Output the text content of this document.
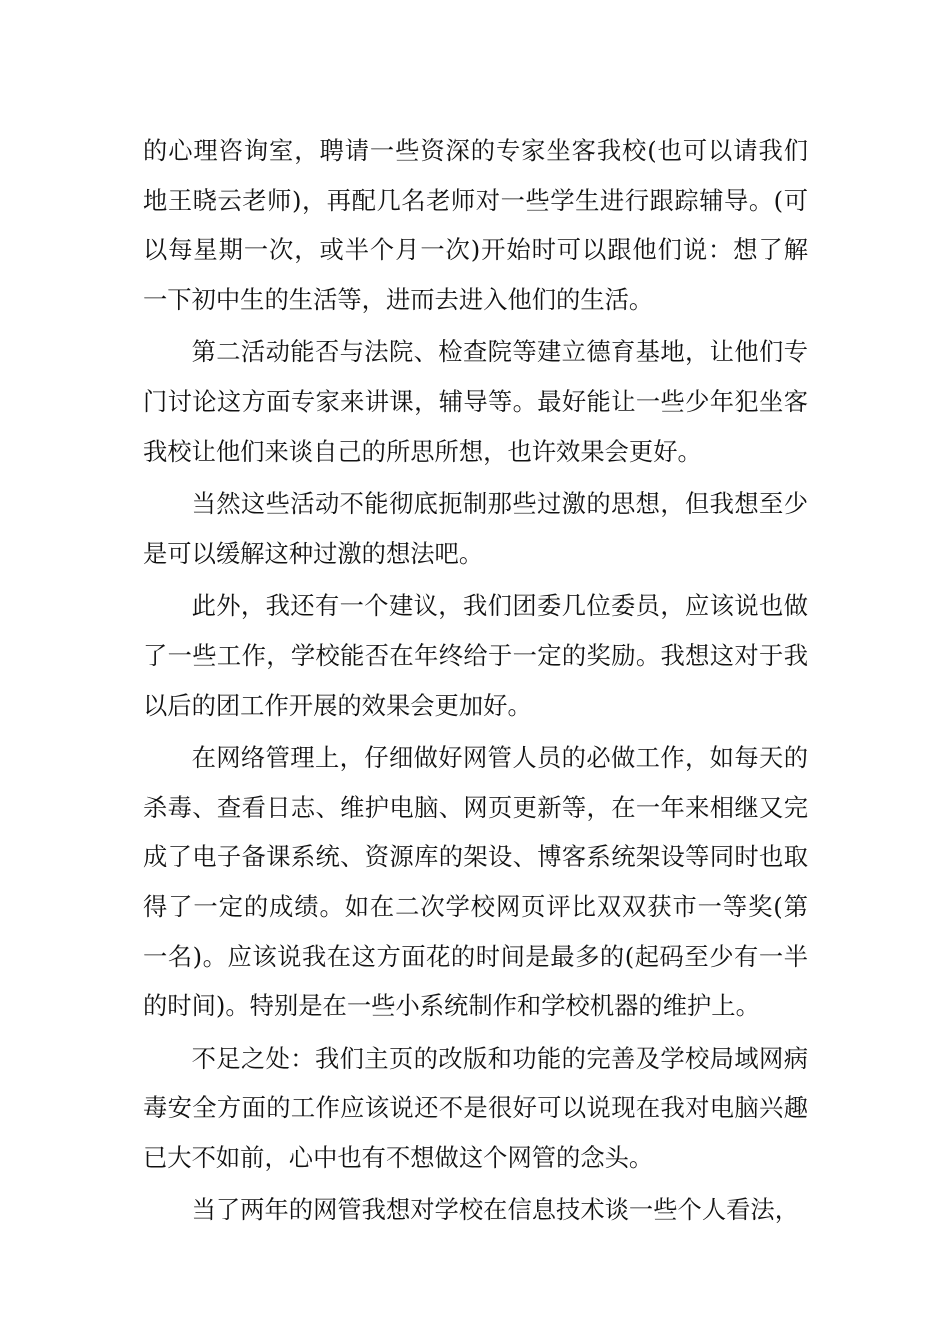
的心理咨询室，聘请一些资深的专家坐客我校(也可以请我们地王晓云老师)，再配几名老师对一些学生进行跟踪辅导。(可以每星期一次，或半个月一次)开始时可以跟他们说：想了解一下初中生的生活等，进而去进入他们的生活。

第二活动能否与法院、检查院等建立德育基地，让他们专门讨论这方面专家来讲课，辅导等。最好能让一些少年犯坐客我校让他们来谈自己的所思所想，也许效果会更好。

当然这些活动不能彻底扼制那些过激的思想，但我想至少是可以缓解这种过激的想法吧。

此外，我还有一个建议，我们团委几位委员，应该说也做了一些工作，学校能否在年终给于一定的奖励。我想这对于我以后的团工作开展的效果会更加好。

在网络管理上，仔细做好网管人员的必做工作，如每天的杀毒、查看日志、维护电脑、网页更新等，在一年来相继又完成了电子备课系统、资源库的架设、博客系统架设等同时也取得了一定的成绩。如在二次学校网页评比双双获市一等奖(第一名)。应该说我在这方面花的时间是最多的(起码至少有一半的时间)。特别是在一些小系统制作和学校机器的维护上。

不足之处：我们主页的改版和功能的完善及学校局域网病毒安全方面的工作应该说还不是很好可以说现在我对电脑兴趣已大不如前，心中也有不想做这个网管的念头。

当了两年的网管我想对学校在信息技术谈一些个人看法，
